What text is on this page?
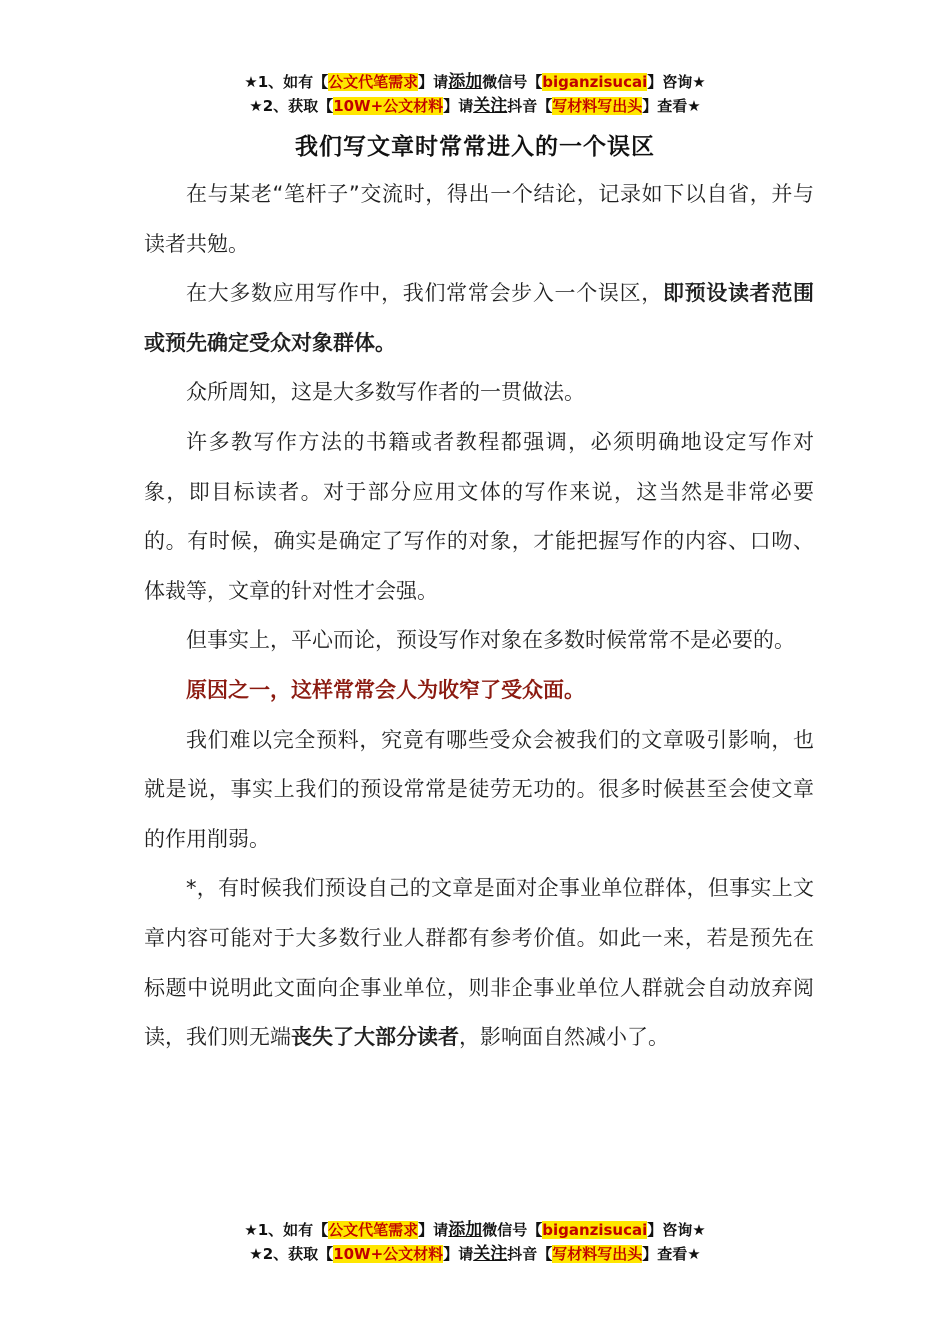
★1、如有【公文代笔需求】请添加微信号【biganzisucai】咨询★
★2、获取【10W+公文材料】请关注抖音【写材料写出头】查看★
我们写文章时常常进入的一个误区

在与某老“笔杆子”交流时，得出一个结论，记录如下以自省，并与读者共勉。

在大多数应用写作中，我们常常会步入一个误区，即预设读者范围或预先确定受众对象群体。

众所周知，这是大多数写作者的一贯做法。

许多教写作方法的书籍或者教程都强调，必须明确地设定写作对象，即目标读者。对于部分应用文体的写作来说，这当然是非常必要的。有时候，确实是确定了写作的对象，才能把握写作的内容、口吻、体裁等，文章的针对性才会强。

但事实上，平心而论，预设写作对象在多数时候常常不是必要的。

原因之一，这样常常会人为收窄了受众面。

我们难以完全预料，究竟有哪些受众会被我们的文章吸引影响，也就是说，事实上我们的预设常常是徒劳无功的。很多时候甚至会使文章的作用削弱。

*，有时候我们预设自己的文章是面对企事业单位群体，但事实上文章内容可能对于大多数行业人群都有参考价值。如此一来，若是预先在标题中说明此文面向企事业单位，则非企事业单位人群就会自动放弃阅读，我们则无端丧失了大部分读者，影响面自然减小了。

★1、如有【公文代笔需求】请添加微信号【biganzisucai】咨询★
★2、获取【10W+公文材料】请关注抖音【写材料写出头】查看★
